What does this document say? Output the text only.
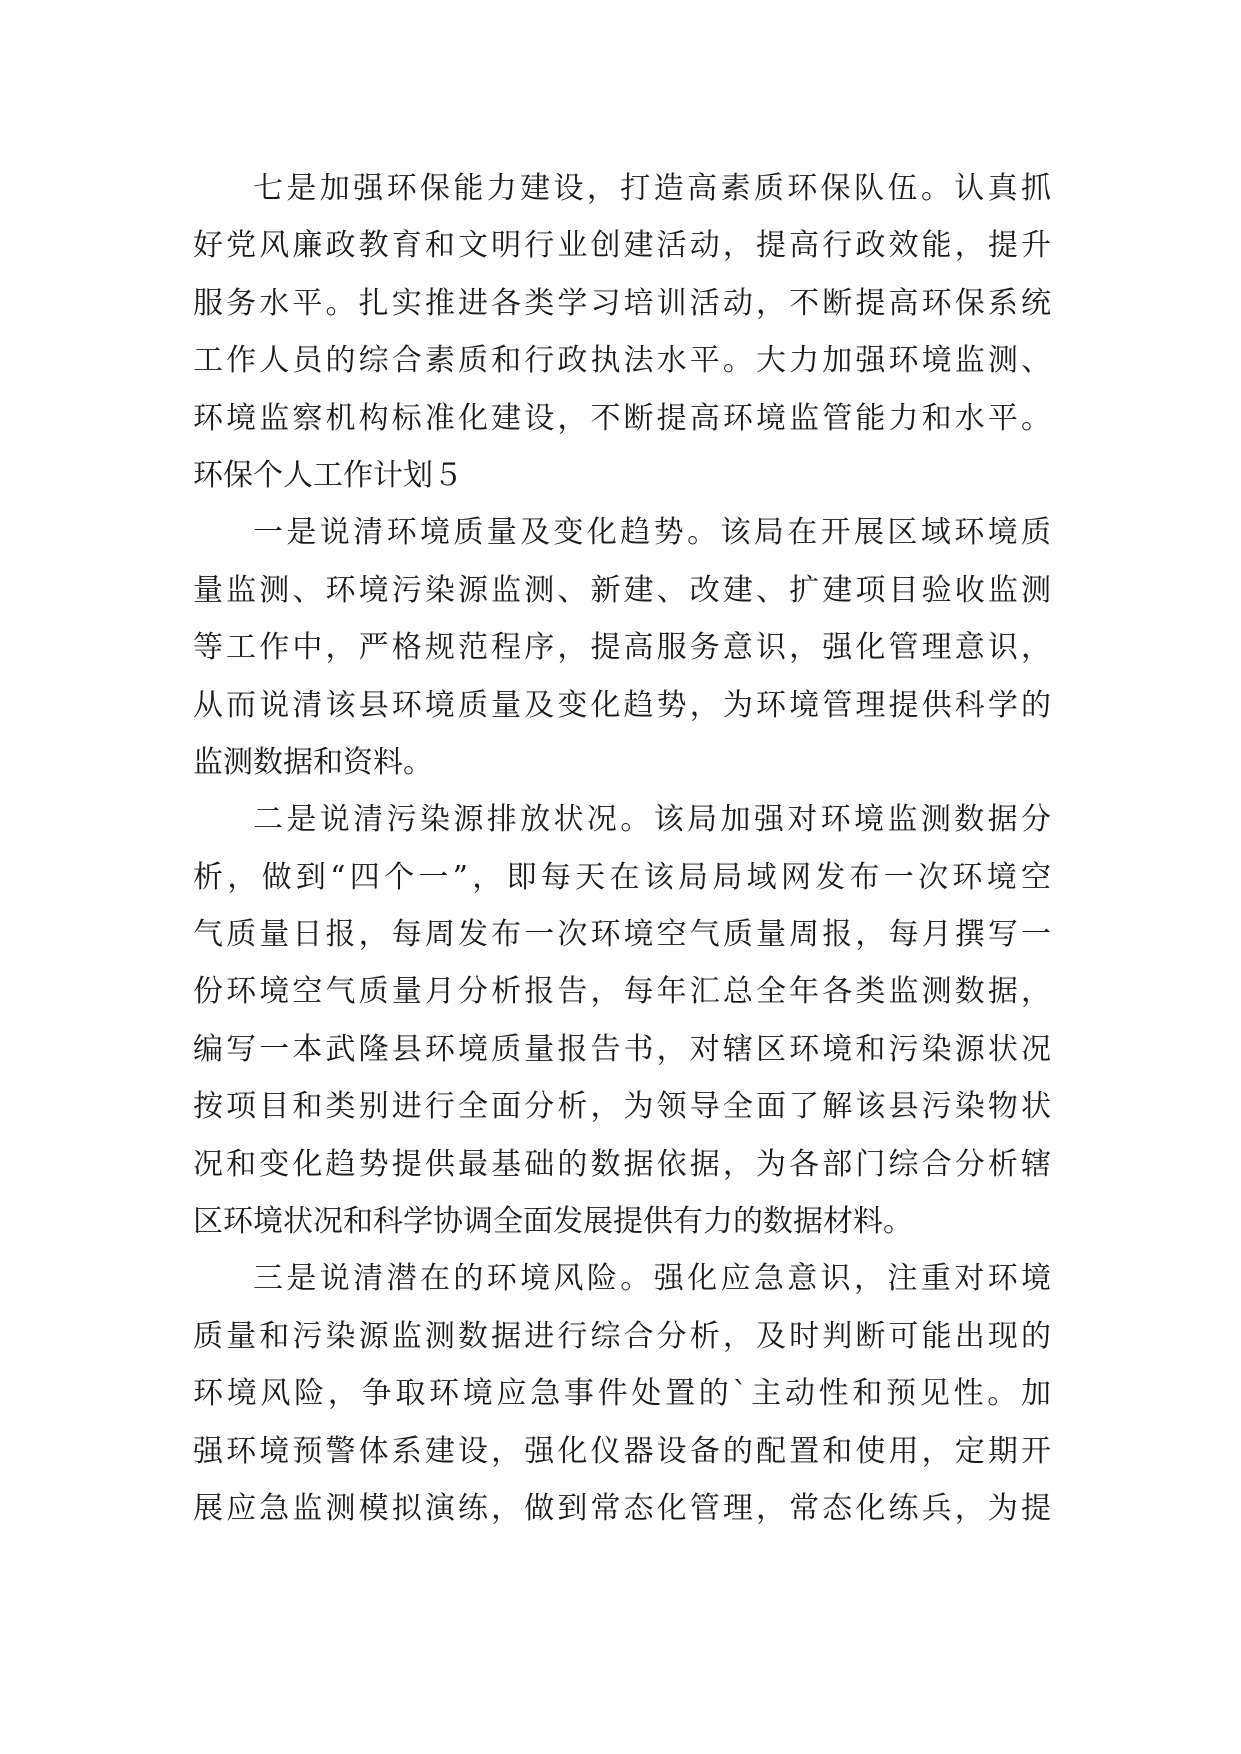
七是加强环保能力建设，打造高素质环保队伍。认真抓
好党风廉政教育和文明行业创建活动，提高行政效能，提升
服务水平。扎实推进各类学习培训活动，不断提高环保系统
工作人员的综合素质和行政执法水平。大力加强环境监测、
环境监察机构标准化建设，不断提高环境监管能力和水平。
环保个人工作计划５
一是说清环境质量及变化趋势。该局在开展区域环境质
量监测、环境污染源监测、新建、改建、扩建项目验收监测
等工作中，严格规范程序，提高服务意识，强化管理意识，
从而说清该县环境质量及变化趋势，为环境管理提供科学的
监测数据和资料。
二是说清污染源排放状况。该局加强对环境监测数据分
析，做到“四个一”，即每天在该局局域网发布一次环境空
气质量日报，每周发布一次环境空气质量周报，每月撰写一
份环境空气质量月分析报告，每年汇总全年各类监测数据，
编写一本武隆县环境质量报告书，对辖区环境和污染源状况
按项目和类别进行全面分析，为领导全面了解该县污染物状
况和变化趋势提供最基础的数据依据，为各部门综合分析辖
区环境状况和科学协调全面发展提供有力的数据材料。
三是说清潜在的环境风险。强化应急意识，注重对环境
质量和污染源监测数据进行综合分析，及时判断可能出现的
环境风险，争取环境应急事件处置的`主动性和预见性。加
强环境预警体系建设，强化仪器设备的配置和使用，定期开
展应急监测模拟演练，做到常态化管理，常态化练兵，为提
